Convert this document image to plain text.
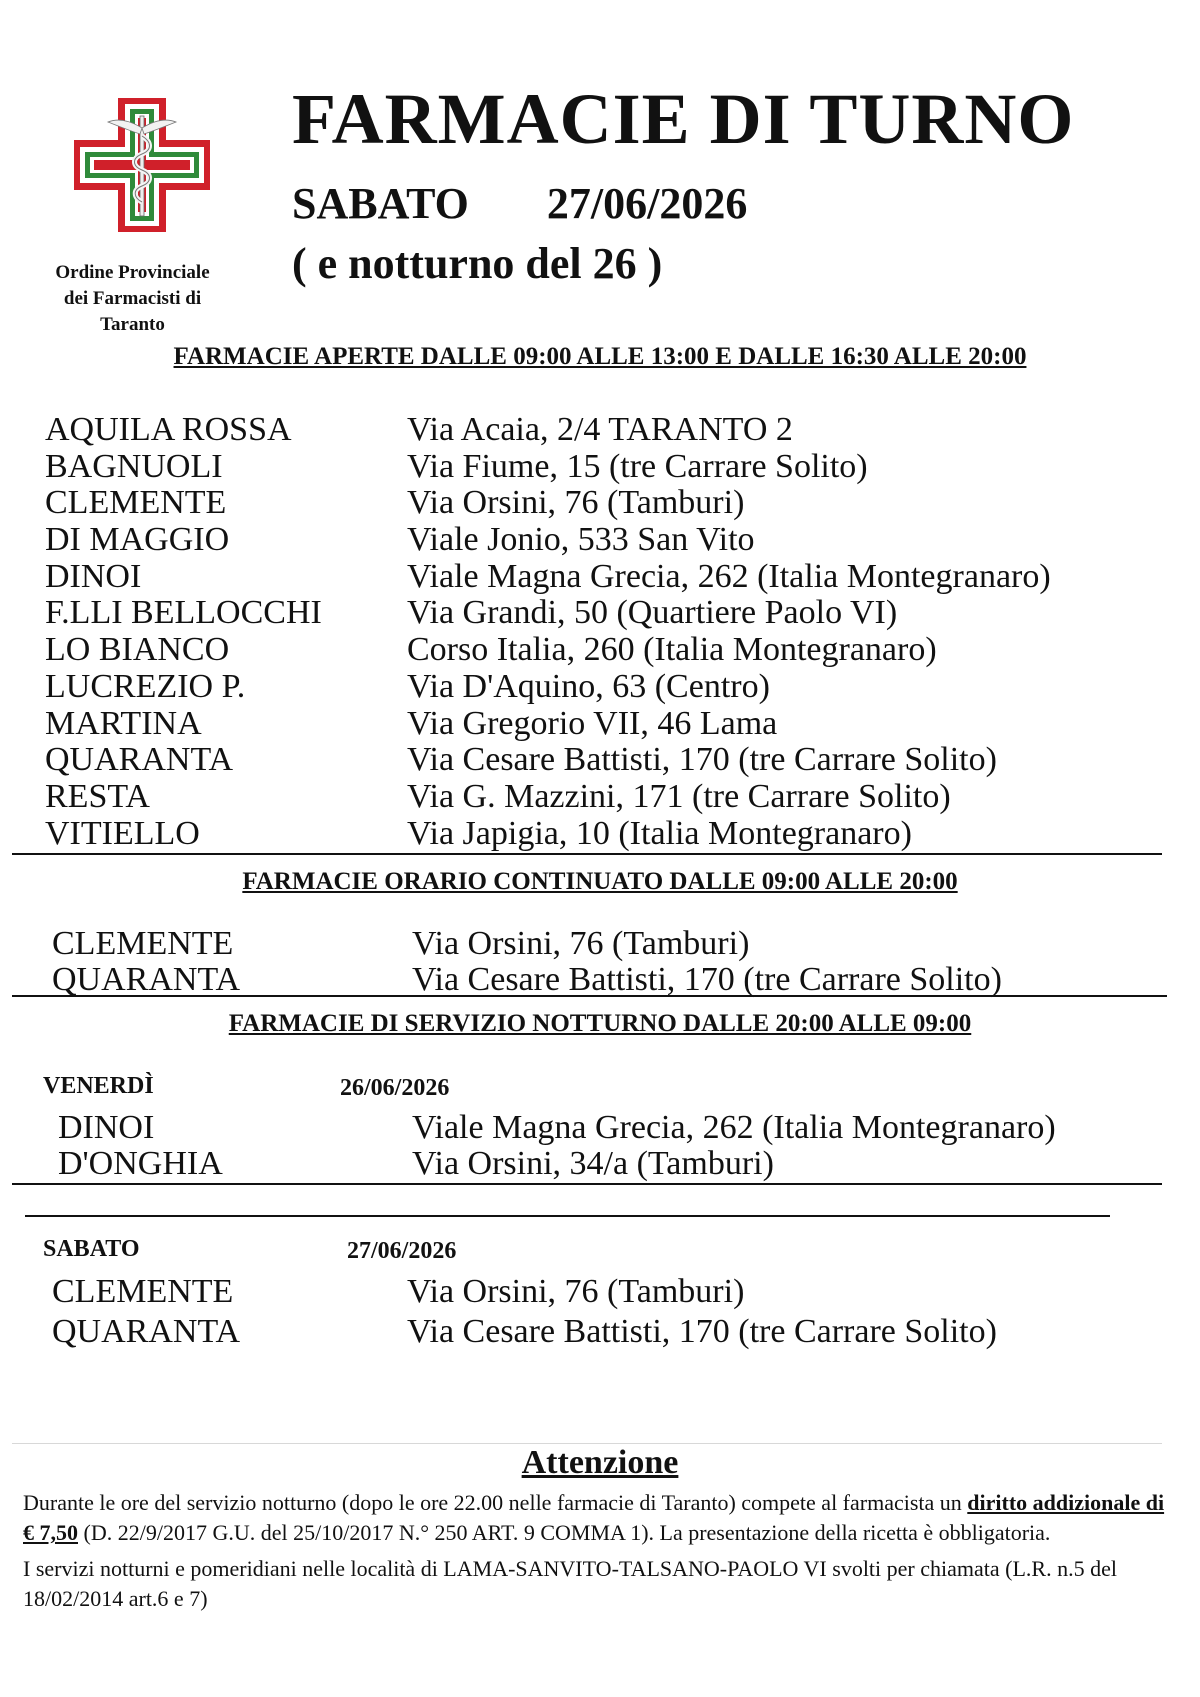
Ordine Provinciale
dei Farmacisti di
Taranto
FARMACIE DI TURNO
SABATO 27/06/2026
( e notturno del 26 )
FARMACIE APERTE DALLE 09:00 ALLE 13:00 E DALLE 16:30 ALLE 20:00
AQUILA ROSSA	Via Acaia, 2/4 TARANTO 2
BAGNUOLI	Via Fiume, 15 (tre Carrare Solito)
CLEMENTE	Via Orsini, 76 (Tamburi)
DI MAGGIO	Viale Jonio, 533 San Vito
DINOI	Viale Magna Grecia, 262 (Italia Montegranaro)
F.LLI BELLOCCHI	Via Grandi, 50 (Quartiere Paolo VI)
LO BIANCO	Corso Italia, 260 (Italia Montegranaro)
LUCREZIO P.	Via D'Aquino, 63 (Centro)
MARTINA	Via Gregorio VII, 46 Lama
QUARANTA	Via Cesare Battisti, 170 (tre Carrare Solito)
RESTA	Via G. Mazzini, 171 (tre Carrare Solito)
VITIELLO	Via Japigia, 10 (Italia Montegranaro)
FARMACIE ORARIO CONTINUATO DALLE 09:00 ALLE 20:00
CLEMENTE	Via Orsini, 76 (Tamburi)
QUARANTA	Via Cesare Battisti, 170 (tre Carrare Solito)
FARMACIE DI SERVIZIO NOTTURNO DALLE 20:00 ALLE 09:00
VENERDÌ	26/06/2026
DINOI	Viale Magna Grecia, 262 (Italia Montegranaro)
D'ONGHIA	Via Orsini, 34/a (Tamburi)
SABATO	27/06/2026
CLEMENTE	Via Orsini, 76 (Tamburi)
QUARANTA	Via Cesare Battisti, 170 (tre Carrare Solito)
Attenzione

Durante le ore del servizio notturno (dopo le ore 22.00 nelle farmacie di Taranto) compete al farmacista un diritto addizionale di € 7,50 (D. 22/9/2017 G.U. del 25/10/2017 N.° 250 ART. 9 COMMA 1). La presentazione della ricetta è obbligatoria.

I servizi notturni e pomeridiani nelle località di LAMA-SANVITO-TALSANO-PAOLO VI svolti per chiamata (L.R. n.5 del 18/02/2014 art.6 e 7)
